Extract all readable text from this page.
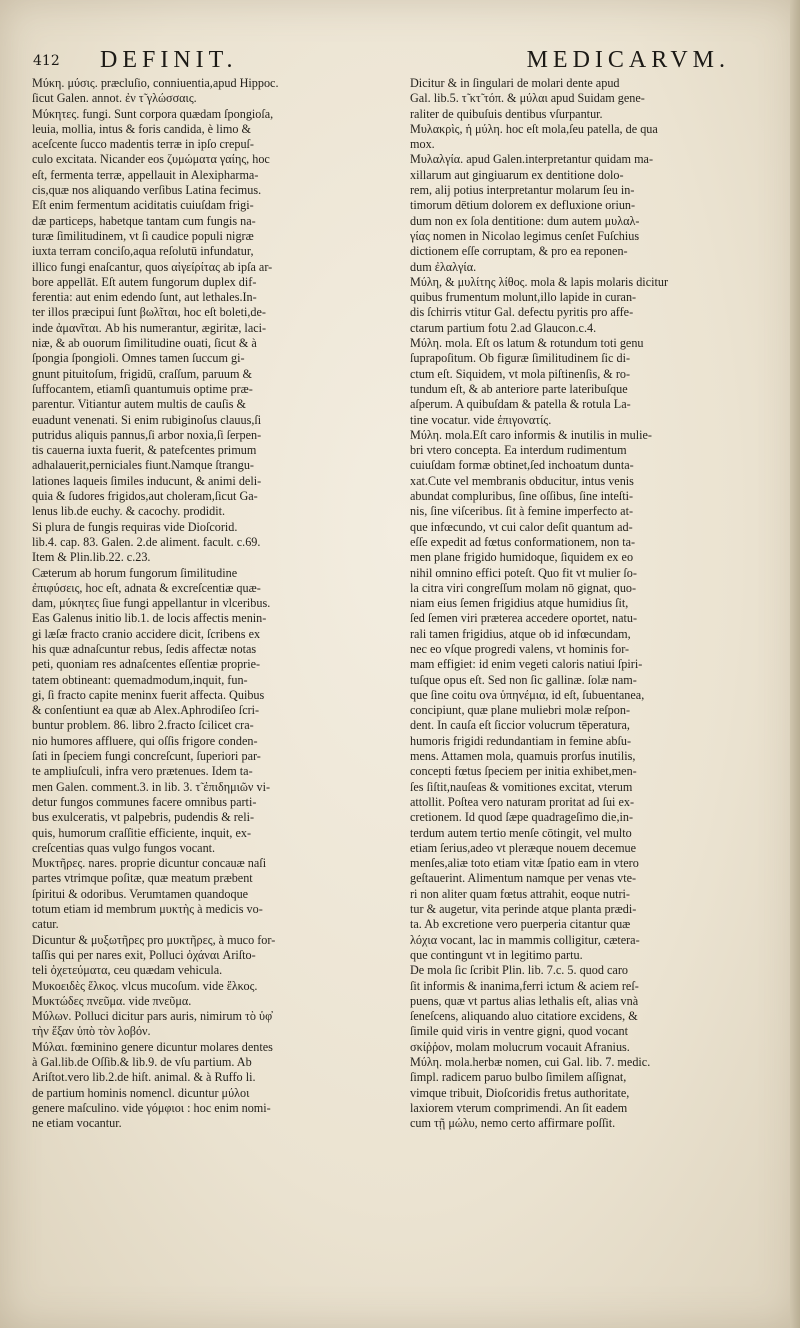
412 DEFINIT.	MEDICARVM.
Μύκη. μύσις. præcluſio, conniuentia,apud Hippoc.
ſicut Galen. annot. ἐν τ̃ γλώσσαις.
Μύκητες. fungi. Sunt corpora quædam ſpongioſa,
leuia, mollia, intus & foris candida, è limo &
aceſcente ſucco madentis terræ in ipſo crepuſ-
culo excitata. Nicander eos ζυμώματα γαίης, hoc
eſt, fermenta terræ, appellauit in Alexipharma-
cis,quæ nos aliquando verſibus Latina fecimus.
Eſt enim fermentum aciditatis cuiuſdam frigi-
dæ particeps, habetque tantam cum fungis na-
turæ ſimilitudinem, vt ſi caudice populi nigræ
iuxta terram conciſo,aqua reſolutū infundatur,
illico fungi enaſcantur, quos αἰγείρίτας ab ipſa ar-
bore appellāt. Eſt autem fungorum duplex dif-
ferentia: aut enim edendo ſunt, aut lethales.In-
ter illos præcipui ſunt βωλῖται, hoc eſt boleti,de-
inde ἀμανῖται. Ab his numerantur, ægiritæ, laci-
niæ, & ab ouorum ſimilitudine ouati, ſicut & à
ſpongia ſpongioli. Omnes tamen ſuccum gi-
gnunt pituitoſum, frigidū, craſſum, paruum &
ſuffocantem, etiamſi quantumuis optime præ-
parentur. Vitiantur autem multis de cauſis &
euadunt venenati. Si enim rubiginoſus clauus,ſi
putridus aliquis pannus,ſi arbor noxia,ſi ſerpen-
tis cauerna iuxta fuerit, & patefcentes primum
adhalauerit,perniciales fiunt.Namque ſtrangu-
lationes laqueis ſimiles inducunt, & animi deli-
quia & ſudores frigidos,aut choleram,ſicut Ga-
lenus lib.de euchy. & cacochy. prodidit.
Si plura de fungis requiras vide Dioſcorid.
lib.4. cap. 83. Galen. 2.de aliment. facult. c.69.
Item & Plin.lib.22. c.23.
Cæterum ab horum fungorum ſimilitudine
ἐπιφύσεις, hoc eſt, adnata & excreſcentiæ quæ-
dam, μύκητες ſiue fungi appellantur in vlceribus.
Eas Galenus initio lib.1. de locis affectis menin-
gi læſæ fracto cranio accidere dicit, ſcribens ex
his quæ adnaſcuntur rebus, ſedis affectæ notas
peti, quoniam res adnaſcentes eſſentiæ proprie-
tatem obtineant: quemadmodum,inquit, fun-
gi, ſi fracto capite meninx fuerit affecta. Quibus
& conſentiunt ea quæ ab Alex.Aphrodiſeo ſcri-
buntur problem. 86. libro 2.fracto ſcilicet cra-
nio humores affluere, qui oſſis frigore conden-
ſati in ſpeciem fungi concreſcunt, ſuperiori par-
te ampliuſculi, infra vero prætenues. Idem ta-
men Galen. comment.3. in lib. 3. τ̃ ἐπιδημιῶν vi-
detur fungos communes facere omnibus parti-
bus exulceratis, vt palpebris, pudendis & reli-
quis, humorum craſſitie efficiente, inquit, ex-
creſcentias quas vulgo fungos vocant.
Μυκτῆρες. nares. proprie dicuntur concauæ naſi
partes vtrimque poſitæ, quæ meatum præbent
ſpiritui & odoribus. Verumtamen quandoque
totum etiam id membrum μυκτὴς à medicis vo-
catur.
Dicuntur & μυξωτῆρες pro μυκτῆρες, à muco for-
taſſis qui per nares exit, Polluci ὀχάναι Ariſto-
teli ὀχετεύματα, ceu quædam vehicula.
Μυκοειδὲς ἕλκος. vlcus mucoſum. vide ἕλκος.
Μυκτώδες πνεῦμα. vide πνεῦμα.
Μύλων. Polluci dicitur pars auris, nimirum τὸ ὑφ̓
τὴν ἕξαν ὑπὸ τὸν λοβόν.
Μύλαι. fœminino genere dicuntur molares dentes
à Gal.lib.de Oſſib.& lib.9. de vſu partium. Ab
Ariſtot.vero lib.2.de hiſt. animal. & à Ruffo li.
de partium hominis nomencl. dicuntur μύλοι
genere maſculino. vide γόμφιοι : hoc enim nomi-
ne etiam vocantur.
Dicitur & in ſingulari de molari dente apud
Gal. lib.5. τ̃ κτ̃ τόπ. & μύλαι apud Suidam gene-
raliter de quibuſuis dentibus vſurpantur.
Μυλακρὶς, ἡ μύλη. hoc eſt mola,ſeu patella, de qua
mox.
Μυλαλγία. apud Galen.interpretantur quidam ma-
xillarum aut gingiuarum ex dentitione dolo-
rem, alij potius interpretantur molarum ſeu in-
timorum dētium dolorem ex defluxione oriun-
dum non ex ſola dentitione: dum autem μυλαλ-
γίας nomen in Nicolao legimus cenſet Fuſchius
dictionem eſſe corruptam, & pro ea reponen-
dum ἐλαλγία.
Μύλη, & μυλίτης λίθος. mola & lapis molaris dicitur
quibus frumentum molunt,illo lapide in curan-
dis ſchirris vtitur Gal. defectu pyritis pro affe-
ctarum partium fotu 2.ad Glaucon.c.4.
Μύλη. mola. Eſt os latum & rotundum toti genu
ſuprapoſitum. Ob figuræ ſimilitudinem ſic di-
ctum eſt. Siquidem, vt mola piſtinenſis, & ro-
tundum eſt, & ab anteriore parte lateribuſque
aſperum. A quibuſdam & patella & rotula La-
tine vocatur. vide ἐπιγονατίς.
Μύλη. mola.Eſt caro informis & inutilis in mulie-
bri vtero concepta. Ea interdum rudimentum
cuiuſdam formæ obtinet,ſed inchoatum dunta-
xat.Cute vel membranis obducitur, intus venis
abundat compluribus, ſine oſſibus, ſine inteſti-
nis, ſine viſceribus. ſit à femine imperfecto at-
que infœcundo, vt cui calor deſit quantum ad-
eſſe expedit ad fœtus conformationem, non ta-
men plane frigido humidoque, ſiquidem ex eo
nihil omnino effici poteſt. Quo fit vt mulier ſo-
la citra viri congreſſum molam nō gignat, quo-
niam eius ſemen frigidius atque humidius ſit,
ſed ſemen viri præterea accedere oportet, natu-
rali tamen frigidius, atque ob id infœcundam,
nec eo vſque progredi valens, vt hominis for-
mam effigiet: id enim vegeti caloris natiui ſpiri-
tuſque opus eſt. Sed non ſic gallinæ. ſolæ nam-
que ſine coitu ova ὑπηνέμια, id eſt, ſubuentanea,
concipiunt, quæ plane muliebri molæ reſpon-
dent. In cauſa eſt ſiccior volucrum tēperatura,
humoris frigidi redundantiam in femine abſu-
mens. Attamen mola, quamuis prorſus inutilis,
concepti fœtus ſpeciem per initia exhibet,men-
ſes ſiſtit,nauſeas & vomitiones excitat, vterum
attollit. Poſtea vero naturam proritat ad ſui ex-
cretionem. Id quod ſæpe quadrageſimo die,in-
terdum autem tertio menſe cōtingit, vel multo
etiam ſerius,adeo vt pleræque nouem decemue
menſes,aliæ toto etiam vitæ ſpatio eam in vtero
geſtauerint. Alimentum namque per venas vte-
ri non aliter quam fœtus attrahit, eoque nutri-
tur & augetur, vita perinde atque planta prædi-
ta. Ab excretione vero puerperia citantur quæ
λόχια vocant, lac in mammis colligitur, cætera-
que contingunt vt in legitimo partu.
De mola ſic ſcribit Plin. lib. 7.c. 5. quod caro
ſit informis & inanima,ferri ictum & aciem reſ-
puens, quæ vt partus alias lethalis eſt, alias vnà
ſeneſcens, aliquando aluo citatiore excidens, &
ſimile quid viris in ventre gigni, quod vocant
σκίῤῥον, molam molucrum vocauit Afranius.
Μύλη. mola.herbæ nomen, cui Gal. lib. 7. medic.
ſimpl. radicem paruo bulbo ſimilem aſſignat,
vimque tribuit, Dioſcoridis fretus authoritate,
laxiorem vterum comprimendi. An ſit eadem
cum τῇ μώλυ, nemo certo affirmare poſſit.
